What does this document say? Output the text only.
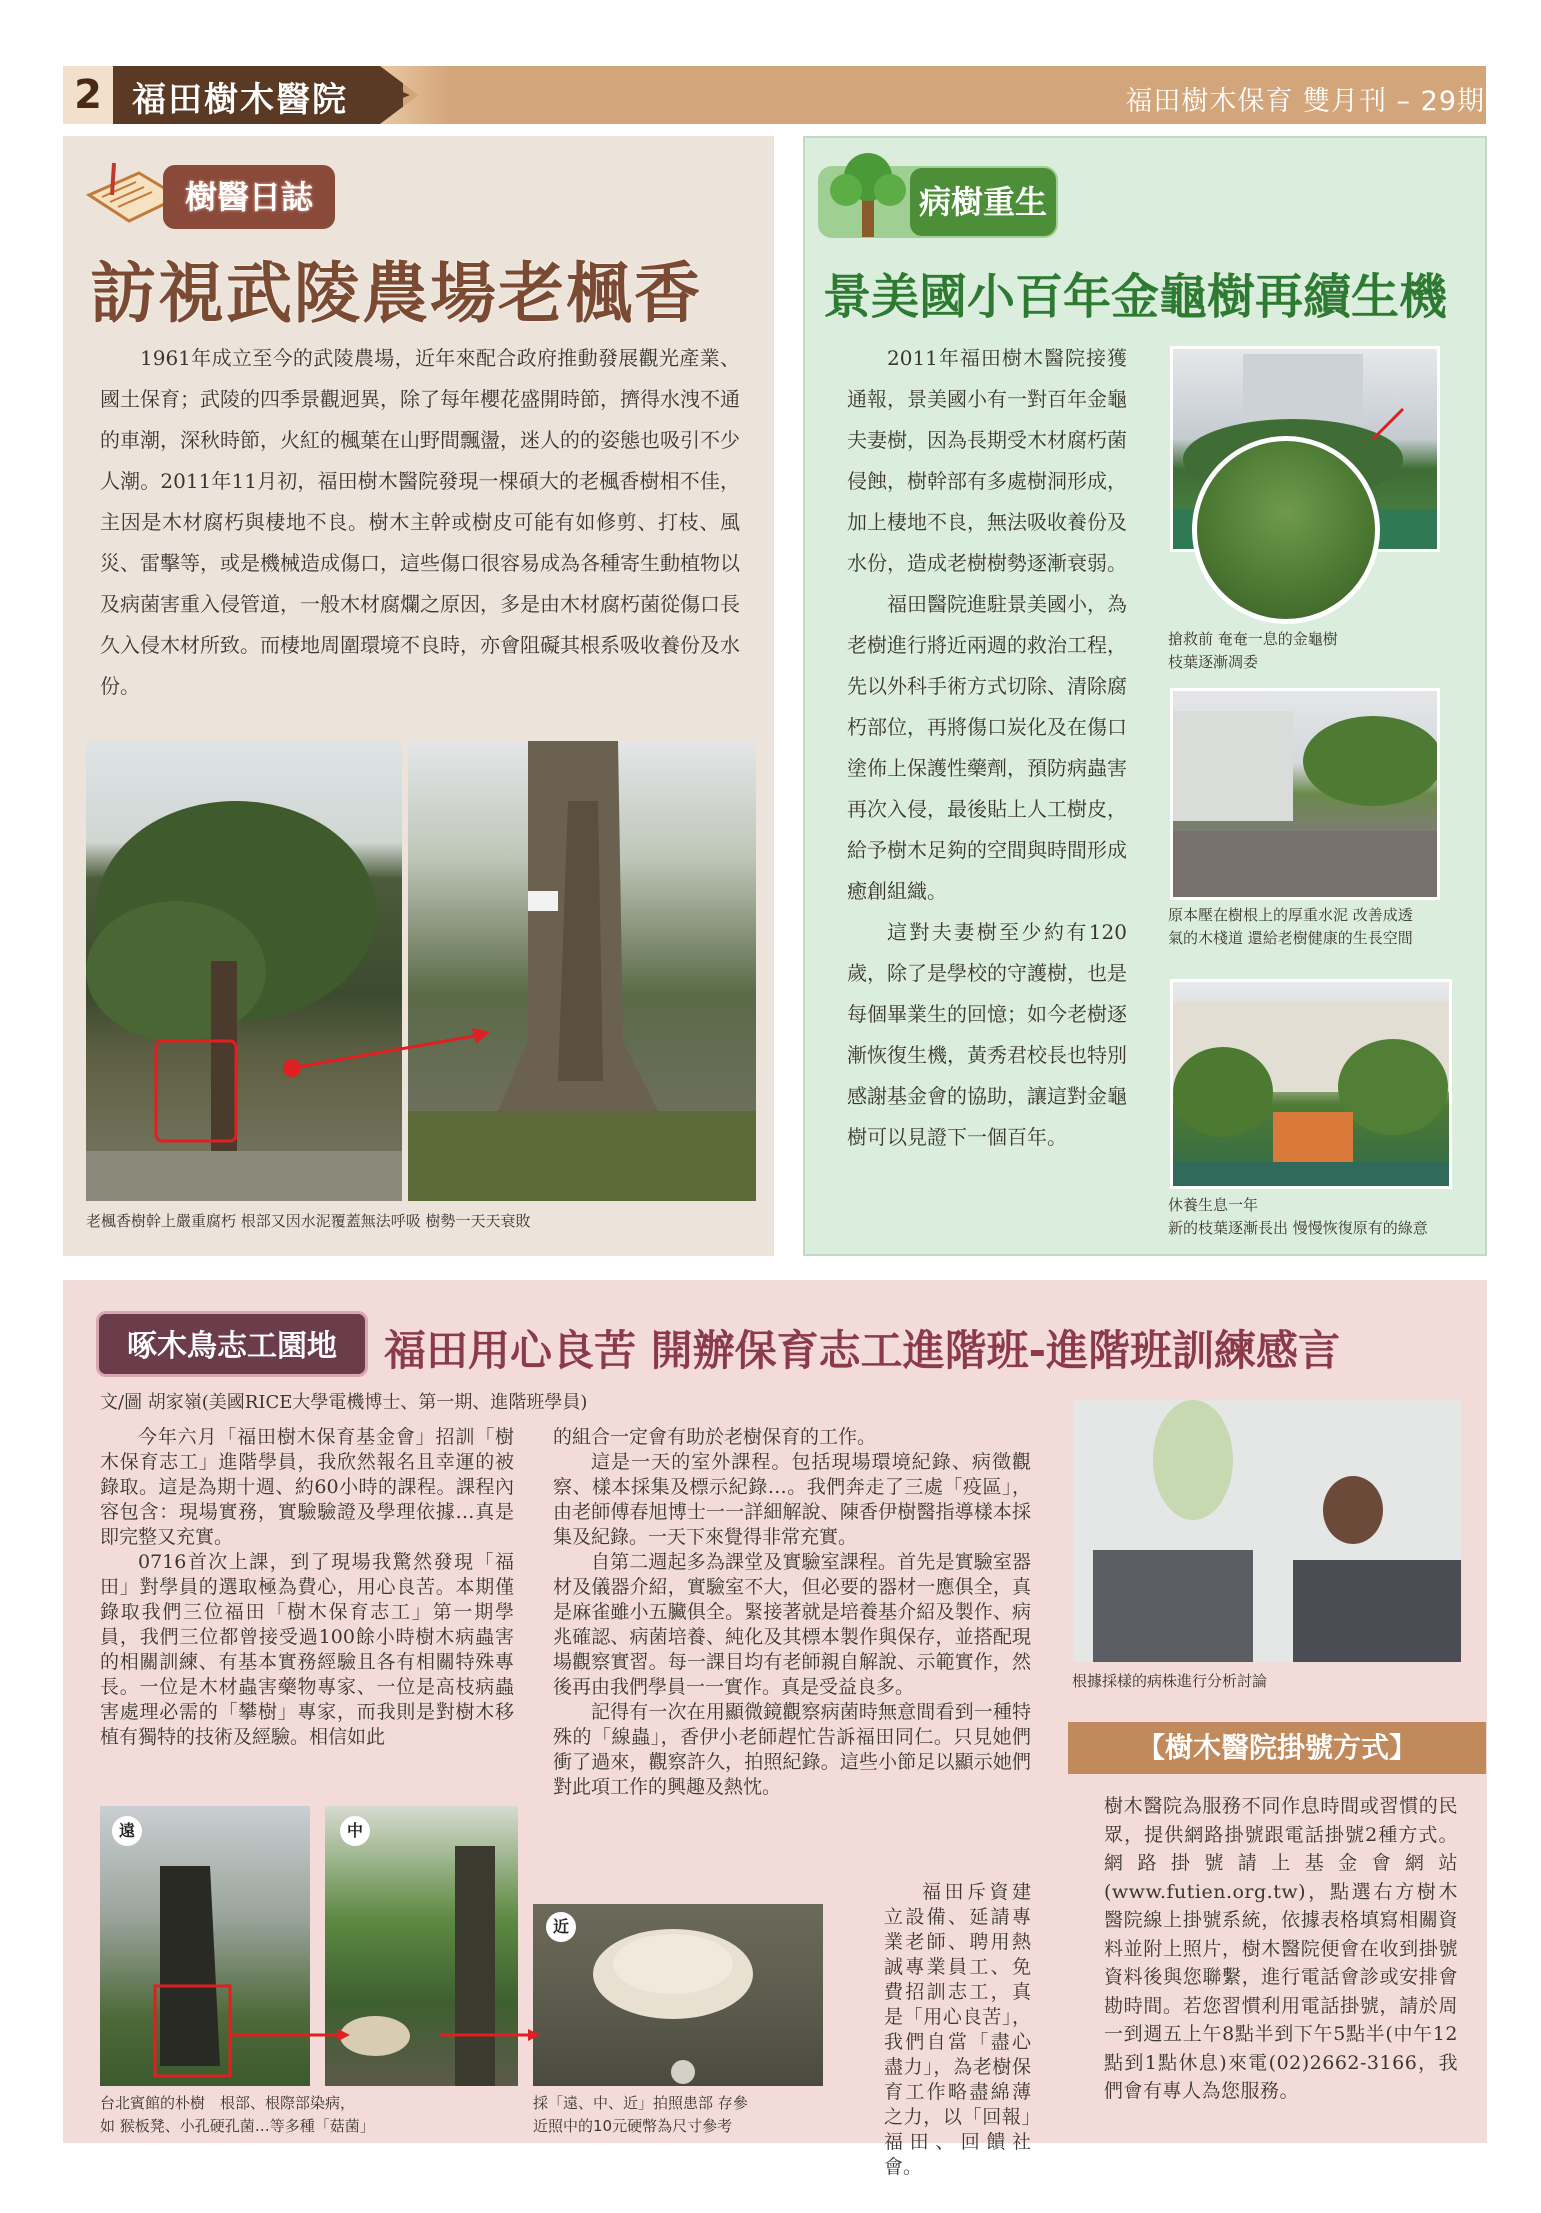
2 福田樹木醫院	福田樹木保育 雙月刊 – 29期
樹醫日誌
訪視武陵農場老楓香
1961年成立至今的武陵農場，近年來配合政府推動發展觀光產業、國土保育；武陵的四季景觀迥異，除了每年櫻花盛開時節，擠得水洩不通的車潮，深秋時節，火紅的楓葉在山野間飄盪，迷人的的姿態也吸引不少人潮。2011年11月初，福田樹木醫院發現一棵碩大的老楓香樹相不佳，主因是木材腐朽與棲地不良。樹木主幹或樹皮可能有如修剪、打枝、風災、雷擊等，或是機械造成傷口，這些傷口很容易成為各種寄生動植物以及病菌害重入侵管道，一般木材腐爛之原因，多是由木材腐朽菌從傷口長久入侵木材所致。而棲地周圍環境不良時，亦會阻礙其根系吸收養份及水份。
老楓香樹幹上嚴重腐朽 根部又因水泥覆蓋無法呼吸 樹勢一天天衰敗
病樹重生
景美國小百年金龜樹再續生機

2011年福田樹木醫院接獲通報，景美國小有一對百年金龜夫妻樹，因為長期受木材腐朽菌侵蝕，樹幹部有多處樹洞形成，加上棲地不良，無法吸收養份及水份，造成老樹樹勢逐漸衰弱。

福田醫院進駐景美國小，為老樹進行將近兩週的救治工程，先以外科手術方式切除、清除腐朽部位，再將傷口炭化及在傷口塗佈上保護性藥劑，預防病蟲害再次入侵，最後貼上人工樹皮，給予樹木足夠的空間與時間形成癒創組織。

這對夫妻樹至少約有120歲，除了是學校的守護樹，也是每個畢業生的回憶；如今老樹逐漸恢復生機，黃秀君校長也特別感謝基金會的協助，讓這對金龜樹可以見證下一個百年。

搶救前 奄奄一息的金龜樹
枝葉逐漸凋委
原本壓在樹根上的厚重水泥 改善成透
氣的木棧道 還給老樹健康的生長空間
休養生息一年
新的枝葉逐漸長出 慢慢恢復原有的綠意
啄木鳥志工園地	福田用心良苦 開辦保育志工進階班-進階班訓練感言
文/圖 胡家嶺(美國RICE大學電機博士、第一期、進階班學員)

今年六月「福田樹木保育基金會」招訓「樹木保育志工」進階學員，我欣然報名且幸運的被錄取。這是為期十週、約60小時的課程。課程內容包含：現場實務，實驗驗證及學理依據…真是即完整又充實。

0716首次上課，到了現場我驚然發現「福田」對學員的選取極為費心，用心良苦。本期僅錄取我們三位福田「樹木保育志工」第一期學員，我們三位都曾接受過100餘小時樹木病蟲害的相關訓練、有基本實務經驗且各有相關特殊專長。一位是木材蟲害藥物專家、一位是高枝病蟲害處理必需的「攀樹」專家，而我則是對樹木移植有獨特的技術及經驗。相信如此

的組合一定會有助於老樹保育的工作。

這是一天的室外課程。包括現場環境紀錄、病徵觀察、樣本採集及標示紀錄…。我們奔走了三處「疫區」，由老師傅春旭博士一一詳細解說、陳香伊樹醫指導樣本採集及紀錄。一天下來覺得非常充實。

自第二週起多為課堂及實驗室課程。首先是實驗室器材及儀器介紹，實驗室不大，但必要的器材一應俱全，真是麻雀雖小五臟俱全。緊接著就是培養基介紹及製作、病兆確認、病菌培養、純化及其標本製作與保存，並搭配現場觀察實習。每一課目均有老師親自解說、示範實作，然後再由我們學員一一實作。真是受益良多。

記得有一次在用顯微鏡觀察病菌時無意間看到一種特殊的「線蟲」，香伊小老師趕忙告訴福田同仁。只見她們衝了過來，觀察許久，拍照紀錄。這些小節足以顯示她們對此項工作的興趣及熱忱。

福田斥資建立設備、延請專業老師、聘用熱誠專業員工、免費招訓志工，真是「用心良苦」，我們自當「盡心盡力」，為老樹保育工作略盡綿薄之力，以「回報」福田、回饋社會。
根據採樣的病株進行分析討論
【樹木醫院掛號方式】
樹木醫院為服務不同作息時間或習慣的民眾，提供網路掛號跟電話掛號2種方式。網路掛號請上基金會網站(www.futien.org.tw)，點選右方樹木醫院線上掛號系統，依據表格填寫相關資料並附上照片，樹木醫院便會在收到掛號資料後與您聯繫，進行電話會診或安排會勘時間。若您習慣利用電話掛號，請於周一到週五上午8點半到下午5點半(中午12點到1點休息)來電(02)2662-3166，我們會有專人為您服務。
遠	中
近
台北賓館的朴樹　根部、根際部染病，
如 猴板凳、小孔硬孔菌…等多種「菇菌」
採「遠、中、近」拍照患部 存參
近照中的10元硬幣為尺寸參考
